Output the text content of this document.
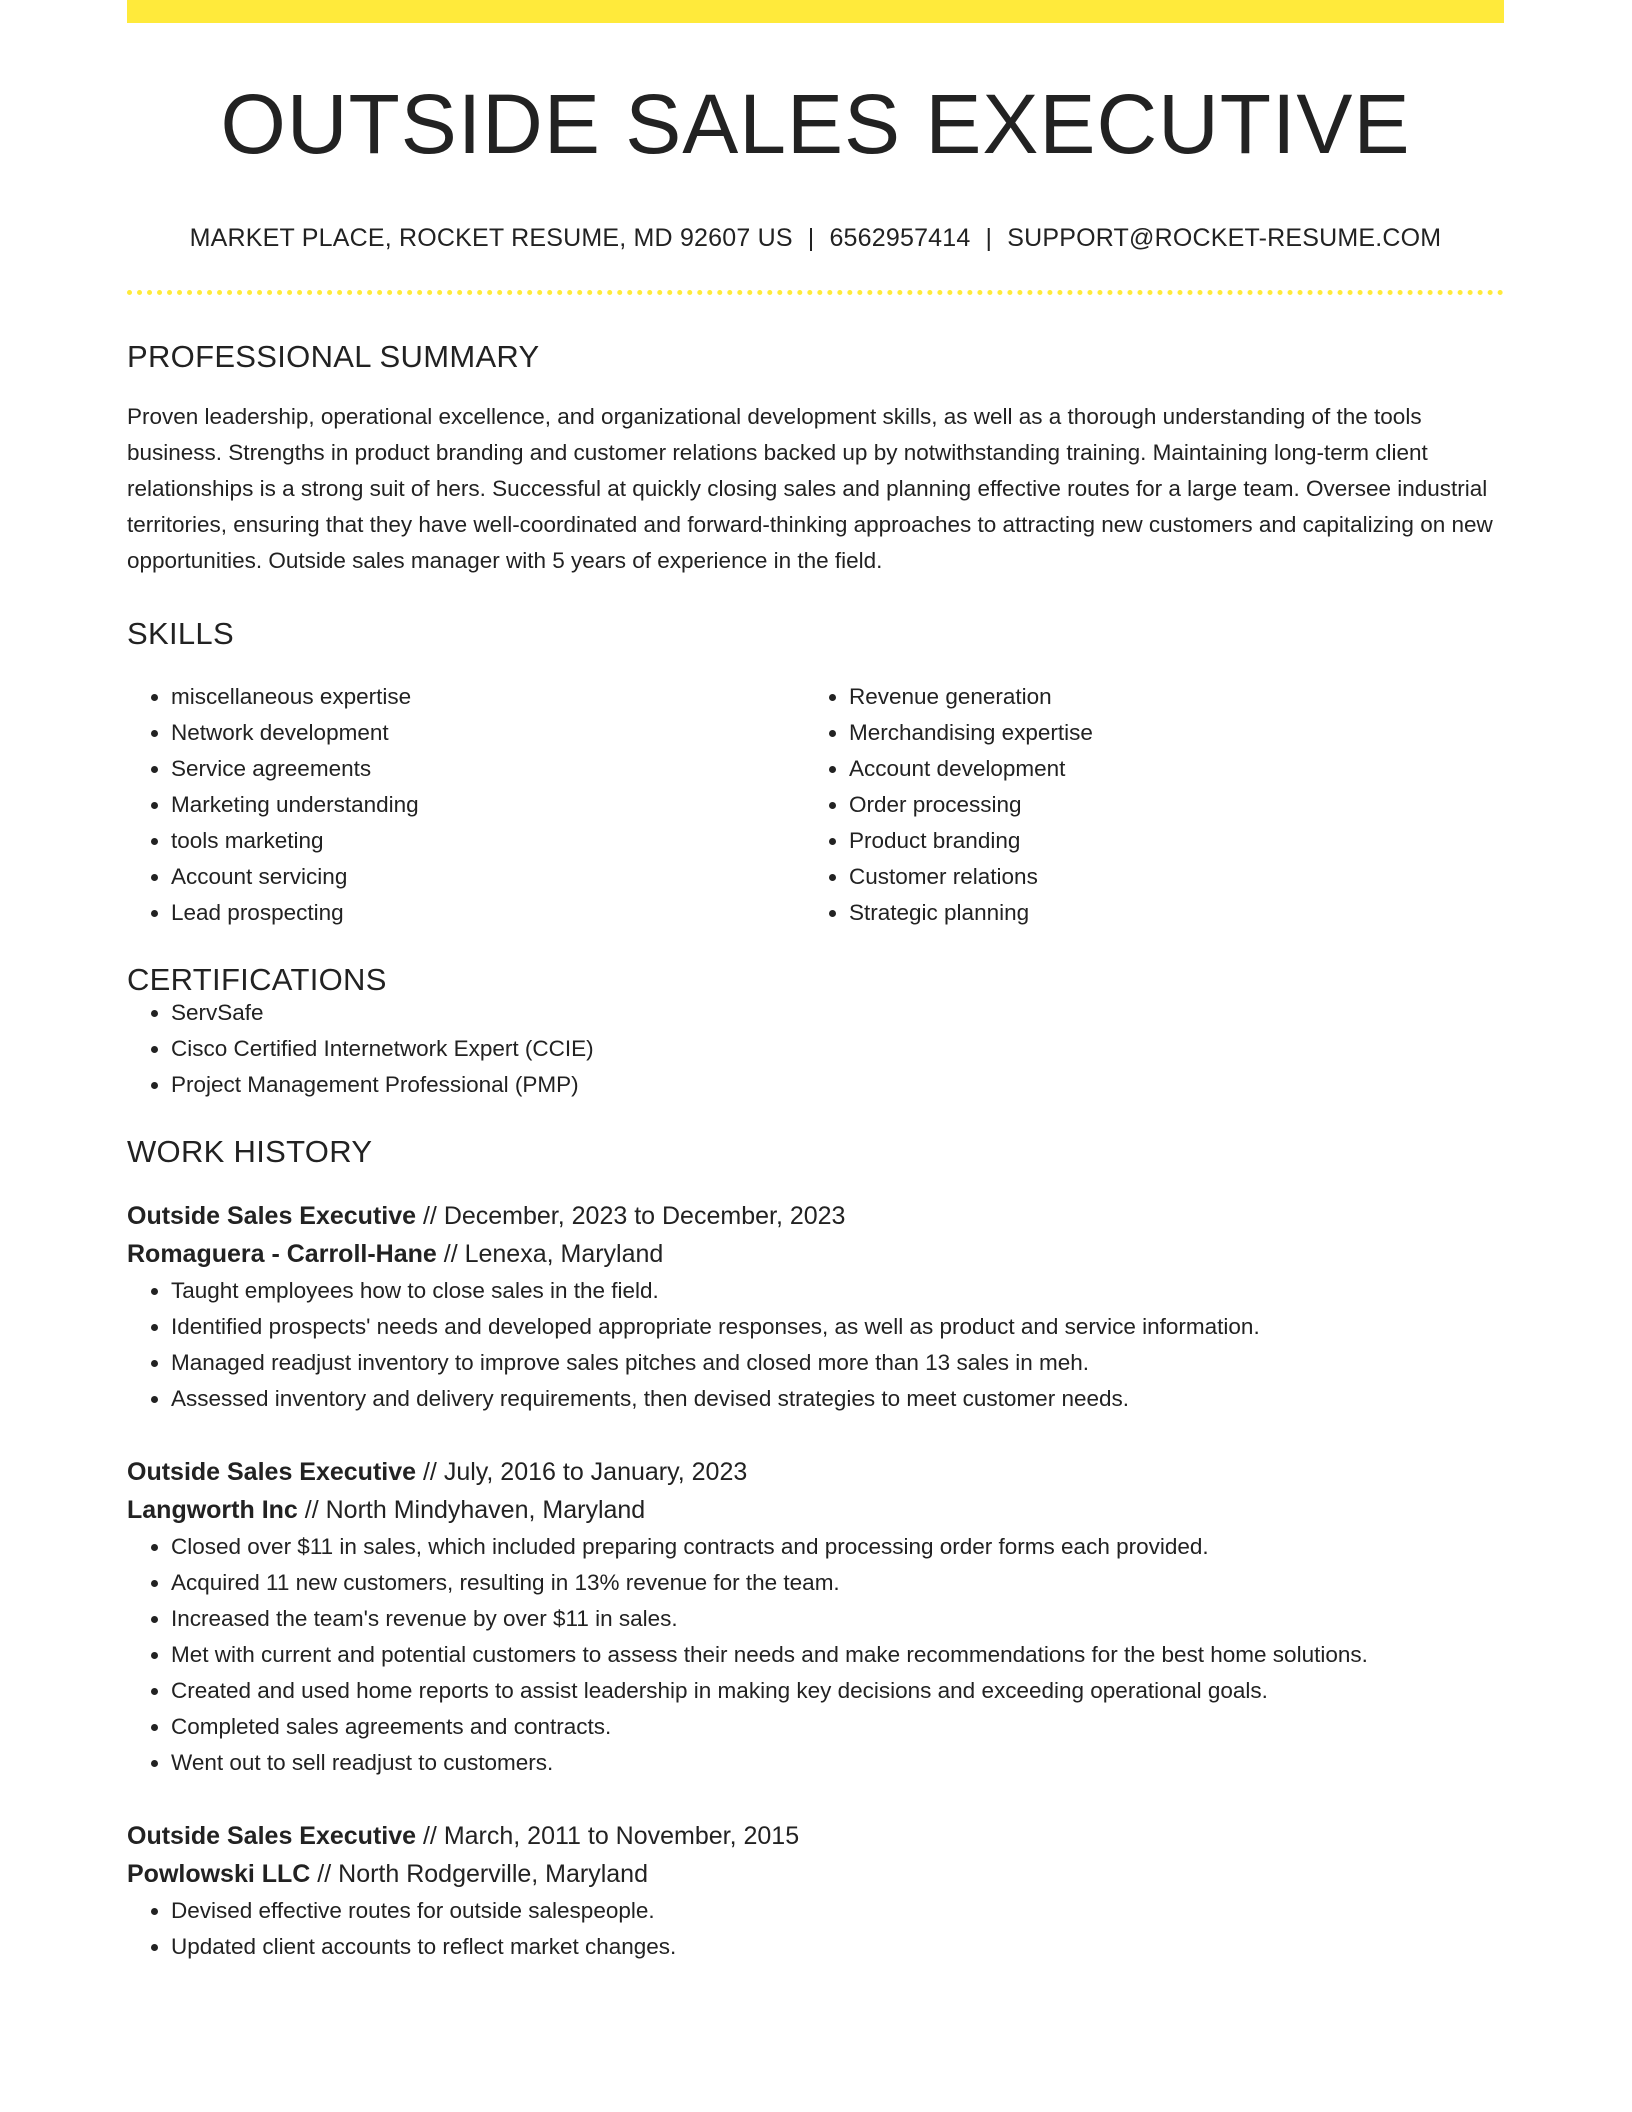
OUTSIDE SALES EXECUTIVE
MARKET PLACE, ROCKET RESUME, MD 92607 US | 6562957414 | SUPPORT@ROCKET-RESUME.COM
PROFESSIONAL SUMMARY
Proven leadership, operational excellence, and organizational development skills, as well as a thorough understanding of the tools business. Strengths in product branding and customer relations backed up by notwithstanding training. Maintaining long-term client relationships is a strong suit of hers. Successful at quickly closing sales and planning effective routes for a large team. Oversee industrial territories, ensuring that they have well-coordinated and forward-thinking approaches to attracting new customers and capitalizing on new opportunities. Outside sales manager with 5 years of experience in the field.
SKILLS
• miscellaneous expertise
• Network development
• Service agreements
• Marketing understanding
• tools marketing
• Account servicing
• Lead prospecting
• Revenue generation
• Merchandising expertise
• Account development
• Order processing
• Product branding
• Customer relations
• Strategic planning
CERTIFICATIONS
• ServSafe
• Cisco Certified Internetwork Expert (CCIE)
• Project Management Professional (PMP)
WORK HISTORY
Outside Sales Executive // December, 2023 to December, 2023
Romaguera - Carroll-Hane // Lenexa, Maryland
• Taught employees how to close sales in the field.
• Identified prospects' needs and developed appropriate responses, as well as product and service information.
• Managed readjust inventory to improve sales pitches and closed more than 13 sales in meh.
• Assessed inventory and delivery requirements, then devised strategies to meet customer needs.
Outside Sales Executive // July, 2016 to January, 2023
Langworth Inc // North Mindyhaven, Maryland
• Closed over $11 in sales, which included preparing contracts and processing order forms each provided.
• Acquired 11 new customers, resulting in 13% revenue for the team.
• Increased the team's revenue by over $11 in sales.
• Met with current and potential customers to assess their needs and make recommendations for the best home solutions.
• Created and used home reports to assist leadership in making key decisions and exceeding operational goals.
• Completed sales agreements and contracts.
• Went out to sell readjust to customers.
Outside Sales Executive // March, 2011 to November, 2015
Powlowski LLC // North Rodgerville, Maryland
• Devised effective routes for outside salespeople.
• Updated client accounts to reflect market changes.
